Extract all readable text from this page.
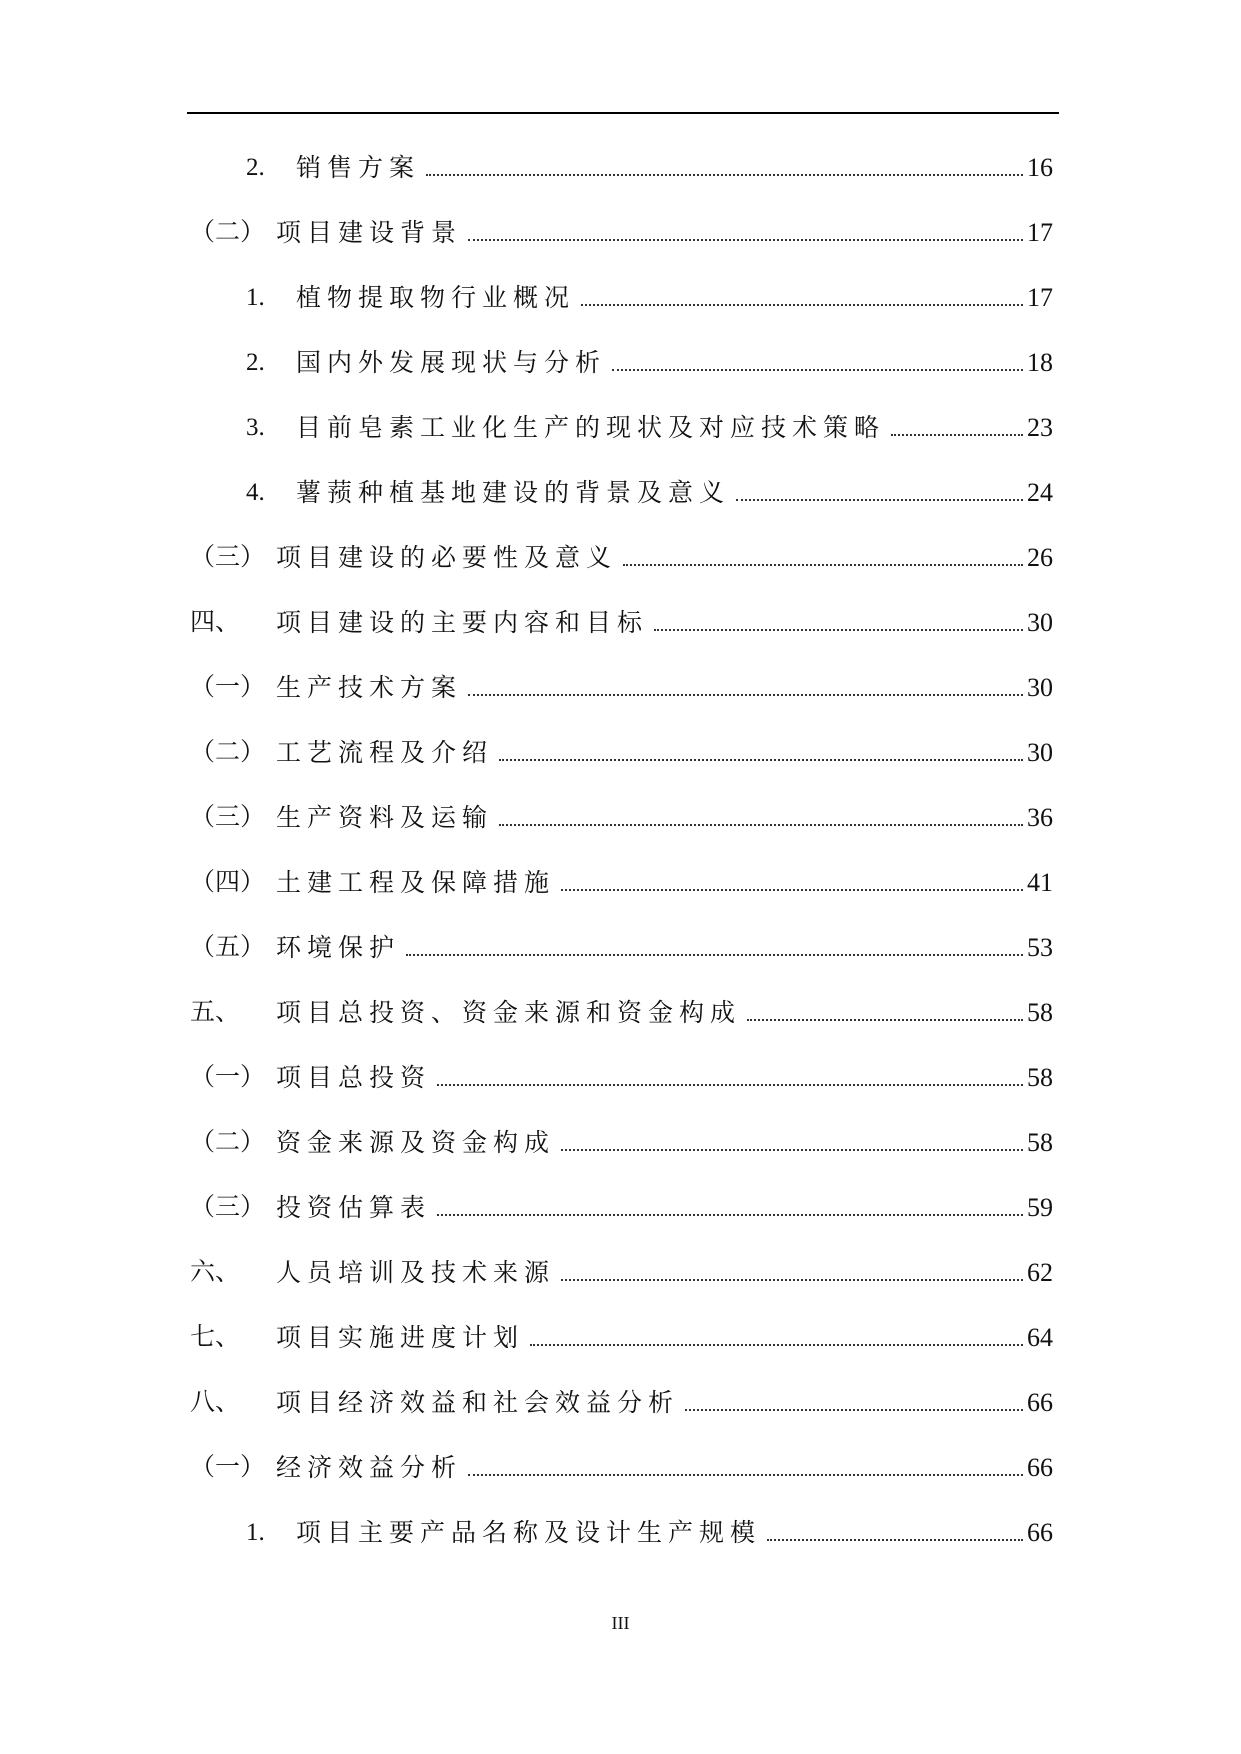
2. 销售方案	16
（二） 项目建设背景	17
1. 植物提取物行业概况	17
2. 国内外发展现状与分析	18
3. 目前皂素工业化生产的现状及对应技术策略	23
4. 薯蓣种植基地建设的背景及意义	24
（三） 项目建设的必要性及意义	26
四、 项目建设的主要内容和目标	30
（一） 生产技术方案	30
（二） 工艺流程及介绍	30
（三） 生产资料及运输	36
（四） 土建工程及保障措施	41
（五） 环境保护	53
五、 项目总投资、资金来源和资金构成	58
（一） 项目总投资	58
（二） 资金来源及资金构成	58
（三） 投资估算表	59
六、 人员培训及技术来源	62
七、 项目实施进度计划	64
八、 项目经济效益和社会效益分析	66
（一） 经济效益分析	66
1. 项目主要产品名称及设计生产规模	66
III
